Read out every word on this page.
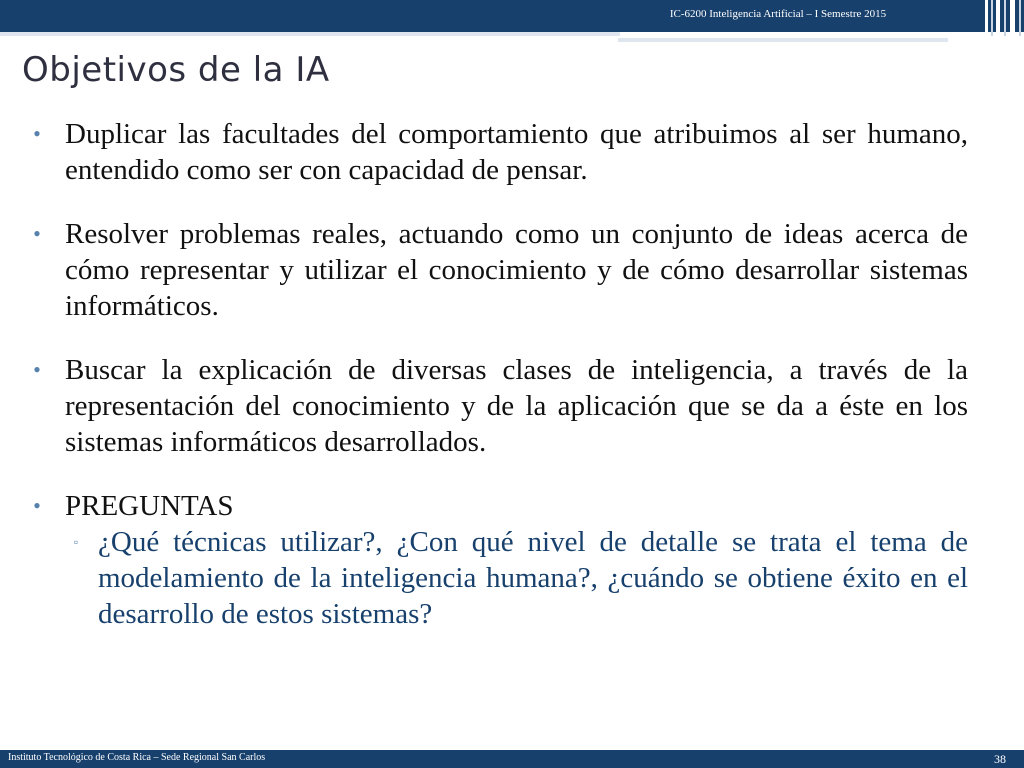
IC-6200 Inteligencia Artificial – I Semestre 2015
Objetivos de la IA

• Duplicar las facultades del comportamiento que atribuimos al ser humano, entendido como ser con capacidad de pensar.

• Resolver problemas reales, actuando como un conjunto de ideas acerca de cómo representar y utilizar el conocimiento y de cómo desarrollar sistemas informáticos.

• Buscar la explicación de diversas clases de inteligencia, a través de la representación del conocimiento y de la aplicación que se da a éste en los sistemas informáticos desarrollados.

• PREGUNTAS

▫ ¿Qué técnicas utilizar?, ¿Con qué nivel de detalle se trata el tema de modelamiento de la inteligencia humana?, ¿cuándo se obtiene éxito en el desarrollo de estos sistemas?

Instituto Tecnológico de Costa Rica – Sede Regional San Carlos	38
